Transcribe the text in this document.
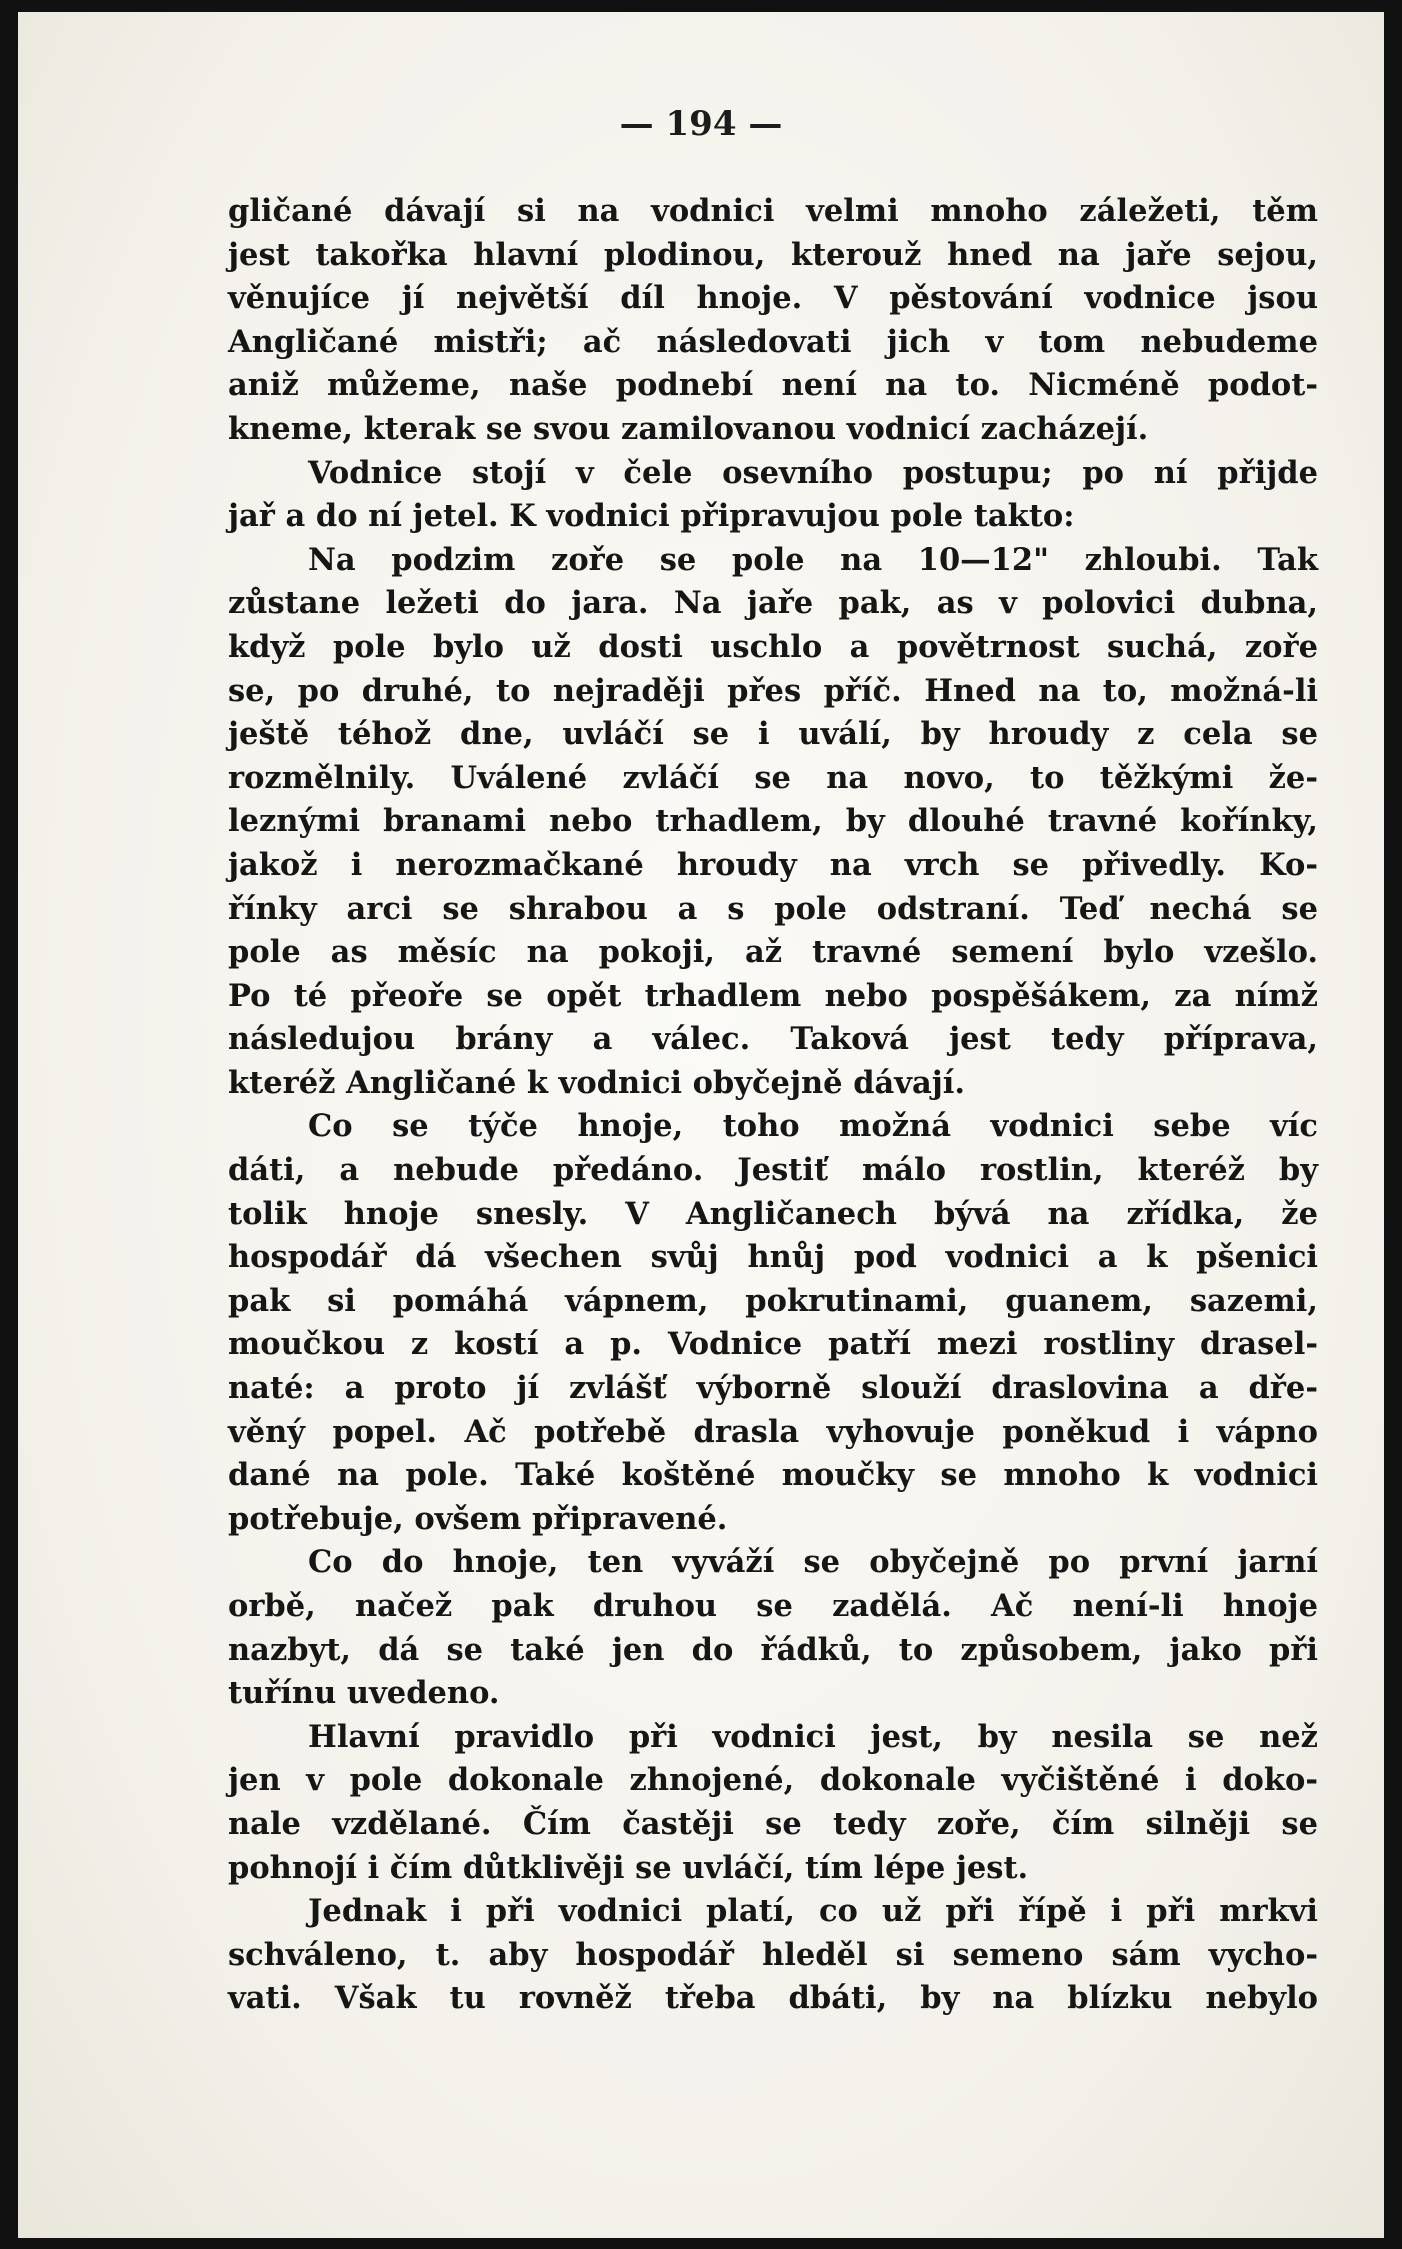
— 194 —
gličané dávají si na vodnici velmi mnoho záležeti, těm
jest takořka hlavní plodinou, kterouž hned na jaře sejou,
věnujíce jí největší díl hnoje. V pěstování vodnice jsou
Angličané mistři; ač následovati jich v tom nebudeme
aniž můžeme, naše podnebí není na to. Nicméně podot-
kneme, kterak se svou zamilovanou vodnicí zacházejí.
Vodnice stojí v čele osevního postupu; po ní přijde
jař a do ní jetel. K vodnici připravujou pole takto:
Na podzim zoře se pole na 10—12" zhloubi. Tak
zůstane ležeti do jara. Na jaře pak, as v polovici dubna,
když pole bylo už dosti uschlo a povětrnost suchá, zoře
se, po druhé, to nejraději přes příč. Hned na to, možná-li
ještě téhož dne, uvláčí se i uválí, by hroudy z cela se
rozmělnily. Uválené zvláčí se na novo, to těžkými že-
leznými branami nebo trhadlem, by dlouhé travné kořínky,
jakož i nerozmačkané hroudy na vrch se přivedly. Ko-
řínky arci se shrabou a s pole odstraní. Teď nechá se
pole as měsíc na pokoji, až travné semení bylo vzešlo.
Po té přeoře se opět trhadlem nebo pospěšákem, za nímž
následujou brány a válec. Taková jest tedy příprava,
kteréž Angličané k vodnici obyčejně dávají.
Co se týče hnoje, toho možná vodnici sebe víc
dáti, a nebude předáno. Jestiť málo rostlin, kteréž by
tolik hnoje snesly. V Angličanech bývá na zřídka, že
hospodář dá všechen svůj hnůj pod vodnici a k pšenici
pak si pomáhá vápnem, pokrutinami, guanem, sazemi,
moučkou z kostí a p. Vodnice patří mezi rostliny drasel-
naté: a proto jí zvlášť výborně slouží draslovina a dře-
věný popel. Ač potřebě drasla vyhovuje poněkud i vápno
dané na pole. Také koštěné moučky se mnoho k vodnici
potřebuje, ovšem připravené.
Co do hnoje, ten vyváží se obyčejně po první jarní
orbě, načež pak druhou se zadělá. Ač není-li hnoje
nazbyt, dá se také jen do řádků, to způsobem, jako při
tuřínu uvedeno.
Hlavní pravidlo při vodnici jest, by nesila se než
jen v pole dokonale zhnojené, dokonale vyčištěné i doko-
nale vzdělané. Čím častěji se tedy zoře, čím silněji se
pohnojí i čím důtklivěji se uvláčí, tím lépe jest.
Jednak i při vodnici platí, co už při řípě i při mrkvi
schváleno, t. aby hospodář hleděl si semeno sám vycho-
vati. Však tu rovněž třeba dbáti, by na blízku nebylo
